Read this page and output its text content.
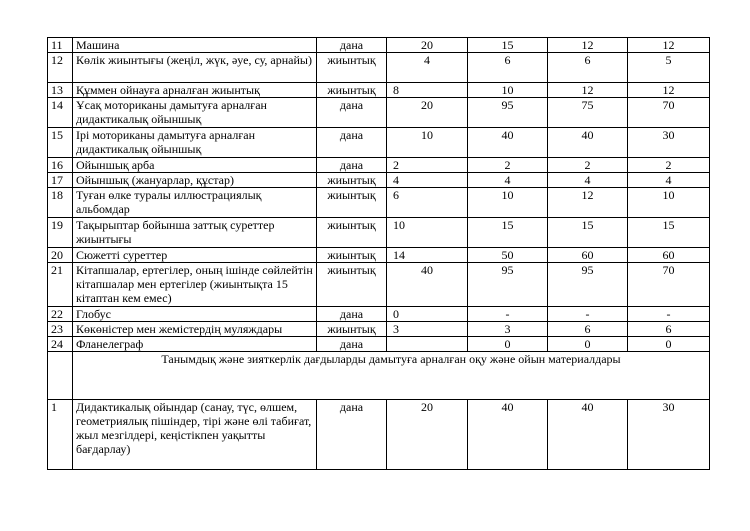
11	Машина	дана	20	15	12	12
12	Көлік жиынтығы (жеңіл, жүк, әуе, су, арнайы)	жиынтық	4	6	6	5
13	Құммен ойнауға арналған жиынтық	жиынтық	8	10	12	12
14	Ұсақ моториканы дамытуға арналған дидактикалық ойыншық	дана	20	95	75	70
15	Ірі моториканы дамытуға арналған дидактикалық ойыншық	дана	10	40	40	30
16	Ойыншық арба	дана	2	2	2	2
17	Ойыншық (жануарлар, құстар)	жиынтық	4	4	4	4
18	Туған өлке туралы иллюстрациялық альбомдар	жиынтық	6	10	12	10
19	Тақырыптар бойынша заттық суреттер жиынтығы	жиынтық	10	15	15	15
20	Сюжетті суреттер	жиынтық	14	50	60	60
21	Кітапшалар, ертегілер, оның ішінде сөйлейтін кітапшалар мен ертегілер (жиынтықта 15 кітаптан кем емес)	жиынтық	40	95	95	70
22	Глобус	дана	0	-	-	-
23	Көкөністер мен жемістердің муляждары	жиынтық	3	3	6	6
24	Фланелеграф	дана		0	0	0
	Танымдық және зияткерлік дағдыларды дамытуға арналған оқу және ойын материалдары					
1	Дидактикалық ойындар (санау, түс, өлшем, геометриялық пішіндер, тірі және өлі табиғат, жыл мезгілдері, кеңістікпен уақытты бағдарлау)	дана	20	40	40	30
